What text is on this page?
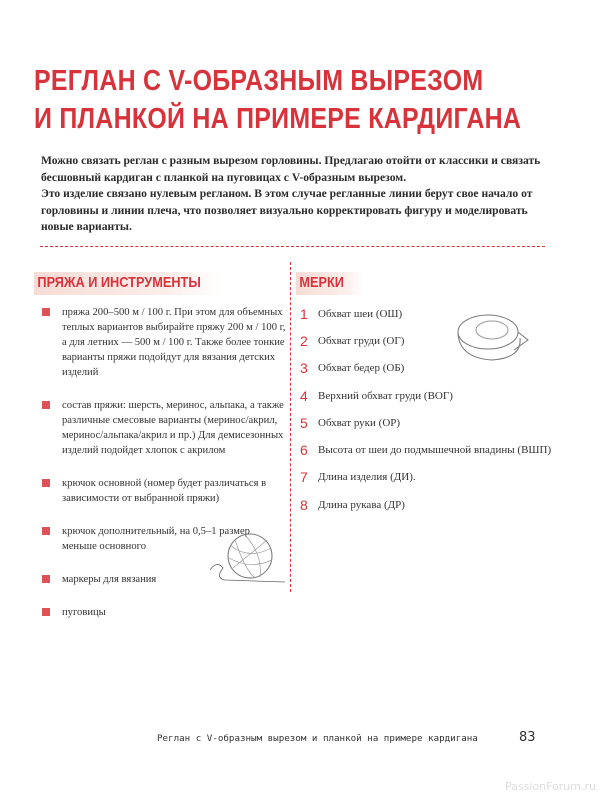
РЕГЛАН С V-ОБРАЗНЫМ ВЫРЕЗОМ
И ПЛАНКОЙ НА ПРИМЕРЕ КАРДИГАНА

Можно связать реглан с разным вырезом горловины. Предлагаю отойти от классики и связать бесшовный кардиган с планкой на пуговицах с V-образным вырезом.

Это изделие связано нулевым регланом. В этом случае регланные линии берут свое начало от горловины и линии плеча, что позволяет визуально корректировать фигуру и моделировать новые варианты.

ПРЯЖА И ИНСТРУМЕНТЫ
пряжа 200–500 м / 100 г. При этом для объемных теплых вариантов выбирайте пряжу 200 м / 100 г, а для летних — 500 м / 100 г. Также более тонкие варианты пряжи подойдут для вязания детских изделий
состав пряжи: шерсть, меринос, альпака, а также различные смесовые варианты (меринос/акрил, меринос/альпака/акрил и пр.) Для демисезонных изделий подойдет хлопок с акрилом
крючок основной (номер будет различаться в зависимости от выбранной пряжи)
крючок дополнительный, на 0,5–1 размер меньше основного
маркеры для вязания
пуговицы
МЕРКИ
1 Обхват шеи (ОШ)
2 Обхват груди (ОГ)
3 Обхват бедер (ОБ)
4 Верхний обхват груди (ВОГ)
5 Обхват руки (ОР)
6 Высота от шеи до подмышечной впадины (ВШП)
7 Длина изделия (ДИ).
8 Длина рукава (ДР)
Реглан с V-образным вырезом и планкой на примере кардигана	83
PassionForum.ru
